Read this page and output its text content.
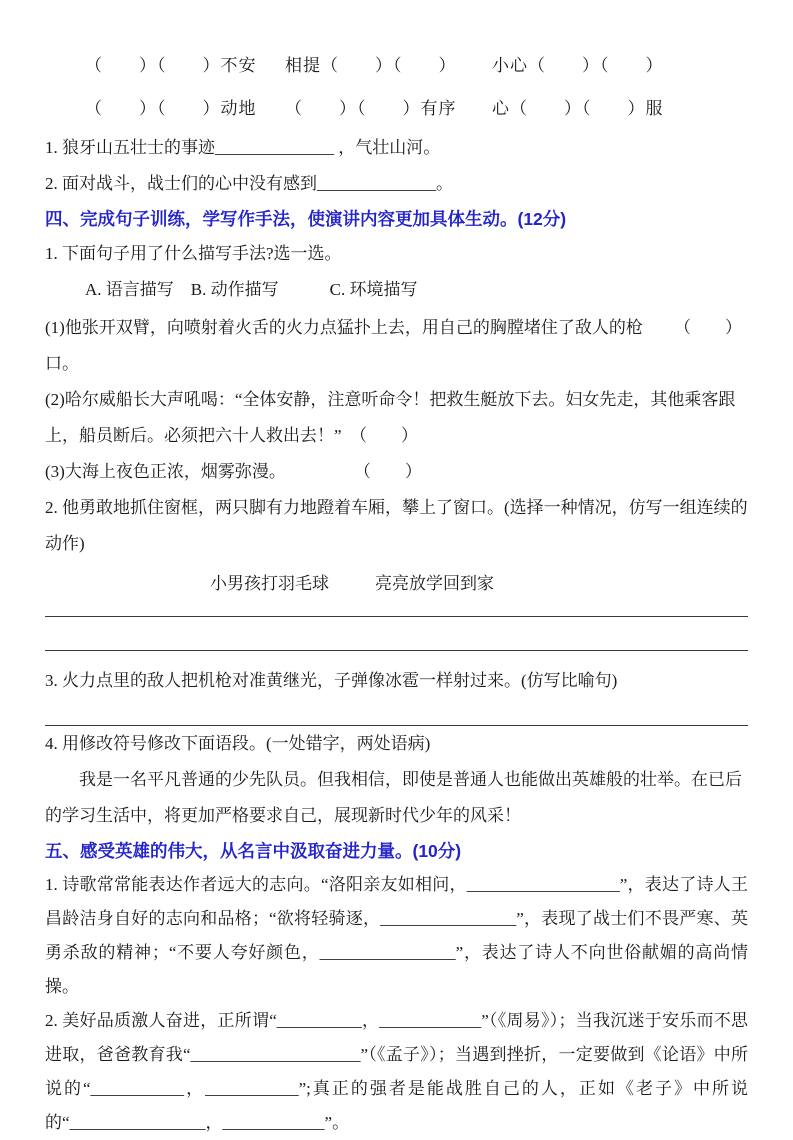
（　　）（　　）不安	相提（　　）（　　）	小心（　　）（　　）
（　　）（　　）动地	（　　）（　　）有序	心（　　）（　　）服

1. 狼牙山五壮士的事迹______________ ，气壮山河。

2. 面对战斗，战士们的心中没有感到______________。

四、完成句子训练，学写作手法，使演讲内容更加具体生动。(12分)

1. 下面句子用了什么描写手法?选一选。

A. 语言描写　B. 动作描写　　　C. 环境描写

(1)他张开双臂，向喷射着火舌的火力点猛扑上去，用自己的胸膛堵住了敌人的枪口。
（　　）

(2)哈尔威船长大声吼喝：“全体安静，注意听命令！把救生艇放下去。妇女先走，其他乘客跟上，船员断后。必须把六十人救出去！”　（　　）

(3)大海上夜色正浓，烟雾弥漫。　　　　　（　　）

2. 他勇敢地抓住窗框，两只脚有力地蹬着车厢，攀上了窗口。(选择一种情况，仿写一组连续的动作)

小男孩打羽毛球	亮亮放学回到家

3. 火力点里的敌人把机枪对准黄继光，子弹像冰雹一样射过来。(仿写比喻句)

4. 用修改符号修改下面语段。(一处错字，两处语病)

我是一名平凡普通的少先队员。但我相信，即使是普通人也能做出英雄般的壮举。在已后的学习生活中，将更加严格要求自己，展现新时代少年的风采！

五、感受英雄的伟大，从名言中汲取奋进力量。(10分)

1. 诗歌常常能表达作者远大的志向。“洛阳亲友如相问，__________________”，表达了诗人王昌龄洁身自好的志向和品格；“欲将轻骑逐，________________”，表现了战士们不畏严寒、英勇杀敌的精神；“不要人夸好颜色，________________”，表达了诗人不向世俗献媚的高尚情操。

2. 美好品质激人奋进，正所谓“__________，____________”（《周易》）；当我沉迷于安乐而不思进取，爸爸教育我“____________________”（《孟子》）；当遇到挫折，一定要做到《论语》中所说的“___________，___________”;真正的强者是能战胜自己的人，正如《老子》中所说的“________________，____________”。
